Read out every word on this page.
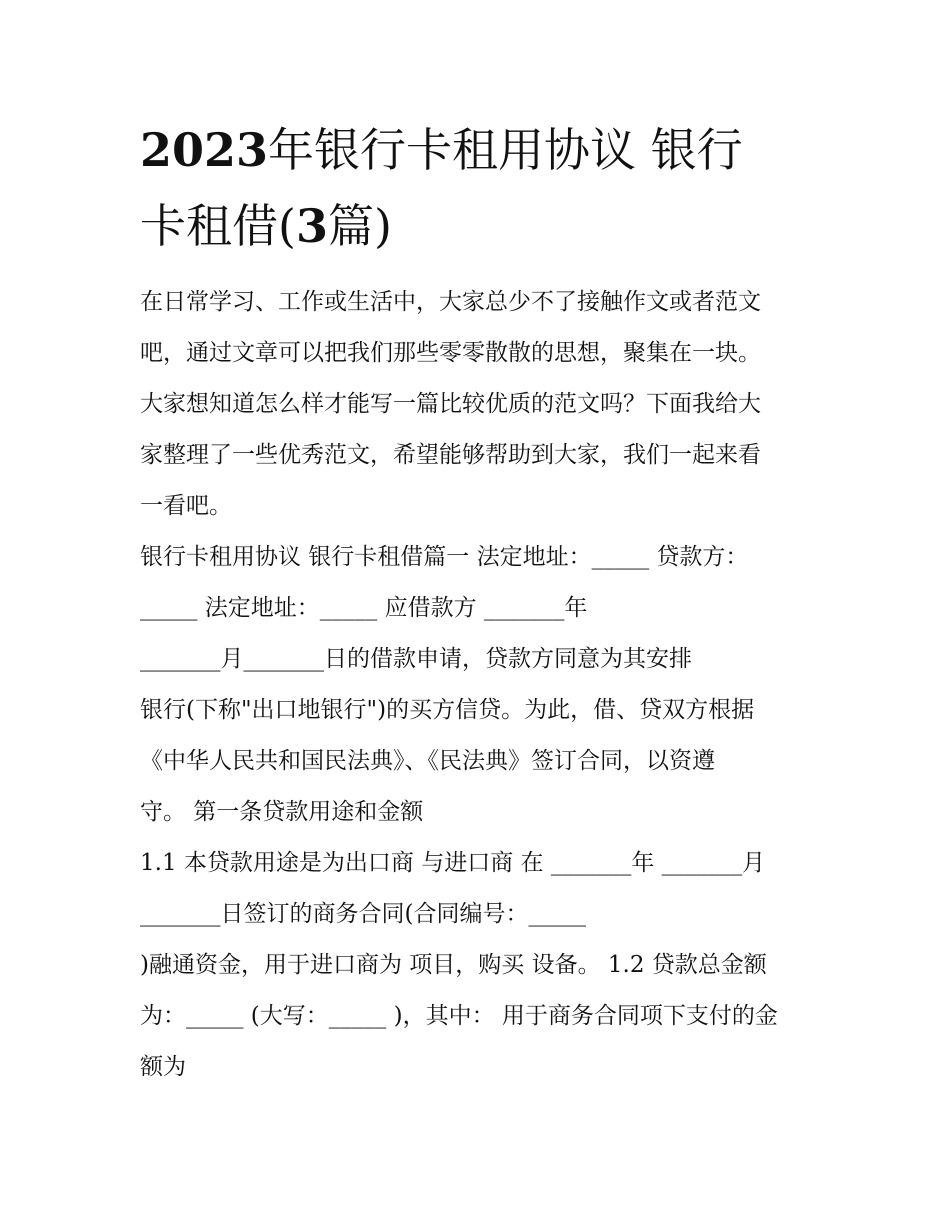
2023年银行卡租用协议 银行
卡租借(3篇)
在日常学习、工作或生活中，大家总少不了接触作文或者范文
吧，通过文章可以把我们那些零零散散的思想，聚集在一块。
大家想知道怎么样才能写一篇比较优质的范文吗？下面我给大
家整理了一些优秀范文，希望能够帮助到大家，我们一起来看
一看吧。
银行卡租用协议 银行卡租借篇一 法定地址：_____ 贷款方：
_____ 法定地址：_____ 应借款方 _______年
_______月_______日的借款申请，贷款方同意为其安排
银行(下称"出口地银行")的买方信贷。为此，借、贷双方根据
《中华人民共和国民法典》、《民法典》签订合同，以资遵
守。 第一条贷款用途和金额
1.1 本贷款用途是为出口商 与进口商 在 _______年 _______月
_______日签订的商务合同(合同编号：_____
)融通资金，用于进口商为 项目，购买 设备。 1.2 贷款总金额
为：_____ (大写：_____ )，其中： 用于商务合同项下支付的金
额为
